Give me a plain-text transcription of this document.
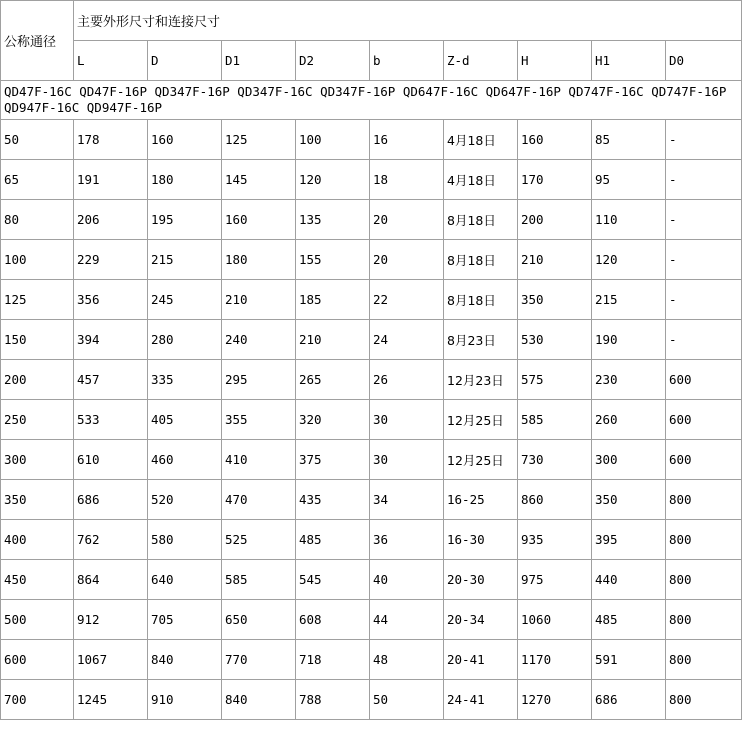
公称通径	主要外形尺寸和连接尺寸								
	L	D	D1	D2	b	Z-d	H	H1	D0
QD47F-16C QD47F-16P QD347F-16P QD347F-16C QD347F-16P QD647F-16C QD647F-16P QD747F-16C QD747F-16P QD947F-16C QD947F-16P									
50	178	160	125	100	16	4月18日	160	85	-
65	191	180	145	120	18	4月18日	170	95	-
80	206	195	160	135	20	8月18日	200	110	-
100	229	215	180	155	20	8月18日	210	120	-
125	356	245	210	185	22	8月18日	350	215	-
150	394	280	240	210	24	8月23日	530	190	-
200	457	335	295	265	26	12月23日	575	230	600
250	533	405	355	320	30	12月25日	585	260	600
300	610	460	410	375	30	12月25日	730	300	600
350	686	520	470	435	34	16-25	860	350	800
400	762	580	525	485	36	16-30	935	395	800
450	864	640	585	545	40	20-30	975	440	800
500	912	705	650	608	44	20-34	1060	485	800
600	1067	840	770	718	48	20-41	1170	591	800
700	1245	910	840	788	50	24-41	1270	686	800
